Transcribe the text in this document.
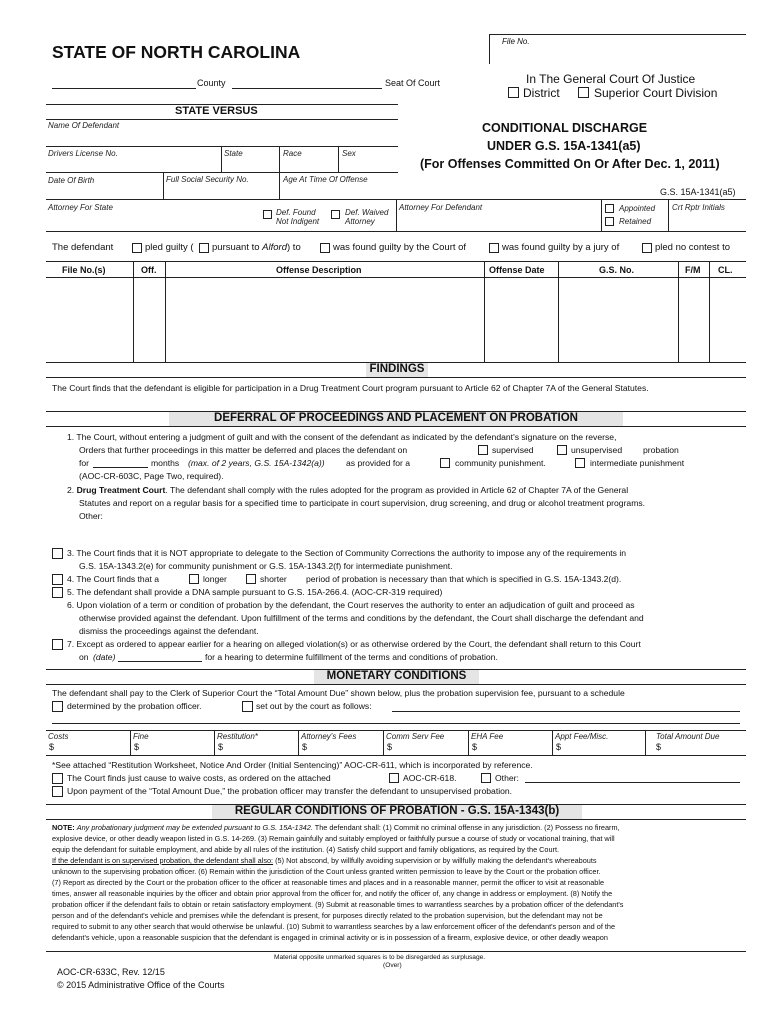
File No.
STATE OF NORTH CAROLINA
County	Seat Of Court	In The General Court Of Justice
District	Superior Court Division
STATE VERSUS
Name Of Defendant
Drivers License No.	State	Race	Sex
Date Of Birth	Full Social Security No.	Age At Time Of Offense
Attorney For State
Def. Found
Not Indigent
Def. Waived
Attorney
Attorney For Defendant	Appointed
Retained
Crt Rptr Initials
CONDITIONAL DISCHARGE
UNDER G.S. 15A-1341(a5)
(For Offenses Committed On Or After Dec. 1, 2011)
G.S. 15A-1341(a5)
The defendant	pled guilty ( pursuant to Alford) to	was found guilty by the Court of	was found guilty by a jury of	pled no contest to
File No.(s)	Off.	Offense Description	Offense Date	G.S. No.	F/M CL.
FINDINGS
The Court finds that the defendant is eligible for participation in a Drug Treatment Court program pursuant to Article 62 of Chapter 7A of the General Statutes.
DEFERRAL OF PROCEEDINGS AND PLACEMENT ON PROBATION
1. The Court, without entering a judgment of guilt and with the consent of the defendant as indicated by the defendant's signature on the reverse,
Orders that further proceedings in this matter be deferred and places the defendant on	supervised	unsupervised probation
for	months (max. of 2 years, G.S. 15A-1342(a)) as provided for a	community punishment.	intermediate punishment
(AOC-CR-603C, Page Two, required).
2. Drug Treatment Court. The defendant shall comply with the rules adopted for the program as provided in Article 62 of Chapter 7A of the General
Statutes and report on a regular basis for a specified time to participate in court supervision, drug screening, and drug or alcohol treatment programs.
Other:
3. The Court finds that it is NOT appropriate to delegate to the Section of Community Corrections the authority to impose any of the requirements in
G.S. 15A-1343.2(e) for community punishment or G.S. 15A-1343.2(f) for intermediate punishment.
4. The Court finds that a	longer	shorter period of probation is necessary than that which is specified in G.S. 15A-1343.2(d).
5. The defendant shall provide a DNA sample pursuant to G.S. 15A-266.4. (AOC-CR-319 required)
6. Upon violation of a term or condition of probation by the defendant, the Court reserves the authority to enter an adjudication of guilt and proceed as
otherwise provided against the defendant. Upon fulfillment of the terms and conditions by the defendant, the Court shall discharge the defendant and
dismiss the proceedings against the defendant.
7. Except as ordered to appear earlier for a hearing on alleged violation(s) or as otherwise ordered by the Court, the defendant shall return to this Court
on (date)	for a hearing to determine fulfillment of the terms and conditions of probation.
MONETARY CONDITIONS
The defendant shall pay to the Clerk of Superior Court the “Total Amount Due” shown below, plus the probation supervision fee, pursuant to a schedule
determined by the probation officer.	set out by the court as follows:
Costs	Fine	Restitution*	Attorney's Fees	Comm Serv Fee	EHA Fee	Appt Fee/Misc.	Total Amount Due
$	$	$	$	$	$	$	$
*See attached “Restitution Worksheet, Notice And Order (Initial Sentencing)” AOC-CR-611, which is incorporated by reference.
The Court finds just cause to waive costs, as ordered on the attached	AOC-CR-618.	Other:
Upon payment of the “Total Amount Due,” the probation officer may transfer the defendant to unsupervised probation.
REGULAR CONDITIONS OF PROBATION - G.S. 15A-1343(b)
NOTE: Any probationary judgment may be extended pursuant to G.S. 15A-1342. The defendant shall: (1) Commit no criminal offense in any jurisdiction. (2) Possess no firearm,
explosive device, or other deadly weapon listed in G.S. 14-269. (3) Remain gainfully and suitably employed or faithfully pursue a course of study or vocational training, that will
equip the defendant for suitable employment, and abide by all rules of the institution. (4) Satisfy child support and family obligations, as required by the Court.
If the defendant is on supervised probation, the defendant shall also: (5) Not abscond, by willfully avoiding supervision or by willfully making the defendant's whereabouts
unknown to the supervising probation officer. (6) Remain within the jurisdiction of the Court unless granted written permission to leave by the Court or the probation officer.
(7) Report as directed by the Court or the probation officer to the officer at reasonable times and places and in a reasonable manner, permit the officer to visit at reasonable
times, answer all reasonable inquiries by the officer and obtain prior approval from the officer for, and notify the officer of, any change in address or employment. (8) Notify the
probation officer if the defendant fails to obtain or retain satisfactory employment. (9) Submit at reasonable times to warrantless searches by a probation officer of the defendant's
person and of the defendant's vehicle and premises while the defendant is present, for purposes directly related to the probation supervision, but the defendant may not be
required to submit to any other search that would otherwise be unlawful. (10) Submit to warrantless searches by a law enforcement officer of the defendant's person and of the
defendant's vehicle, upon a reasonable suspicion that the defendant is engaged in criminal activity or is in possession of a firearm, explosive device, or other deadly weapon
Material opposite unmarked squares is to be disregarded as surplusage.
(Over)
AOC-CR-633C, Rev. 12/15
© 2015 Administrative Office of the Courts
